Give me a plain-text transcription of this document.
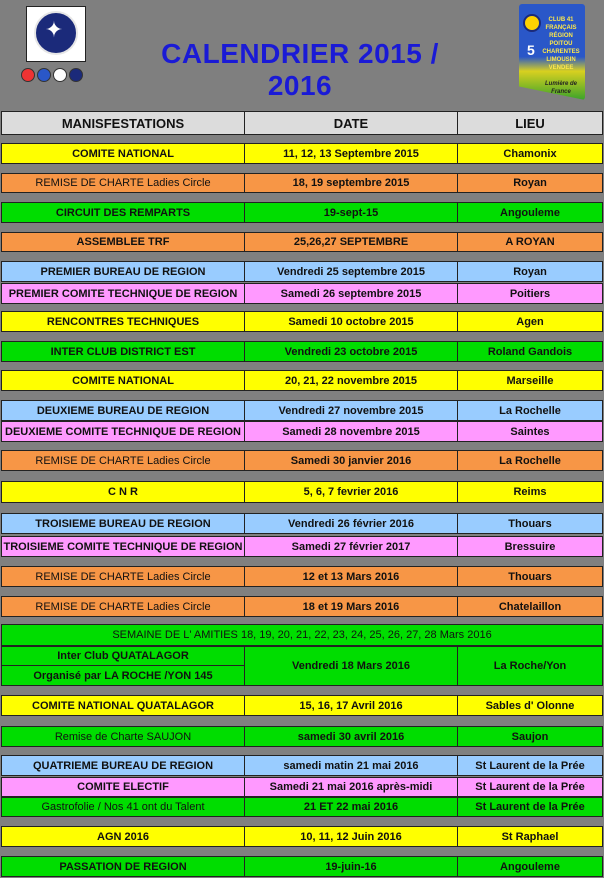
✦
CALENDRIER 2015 / 2016
5
CLUB 41 FRANÇAIS
RÉGION
POITOU
CHARENTES
LIMOUSIN
VENDEE
Lumière de France
MANISFESTATIONS	DATE	LIEU
COMITE NATIONAL	11, 12, 13 Septembre 2015	Chamonix
REMISE DE CHARTE Ladies Circle	18, 19 septembre 2015	Royan
CIRCUIT DES REMPARTS	19-sept-15	Angouleme
ASSEMBLEE TRF	25,26,27 SEPTEMBRE	A ROYAN
PREMIER BUREAU DE REGION	Vendredi 25 septembre 2015	Royan
PREMIER COMITE TECHNIQUE DE REGION	Samedi 26 septembre 2015	Poitiers
RENCONTRES TECHNIQUES	Samedi 10 octobre 2015	Agen
INTER CLUB DISTRICT EST	Vendredi 23 octobre 2015	Roland Gandois
COMITE NATIONAL	20, 21, 22 novembre 2015	Marseille
DEUXIEME BUREAU DE REGION	Vendredi 27 novembre 2015	La Rochelle
DEUXIEME COMITE TECHNIQUE DE REGION	Samedi 28 novembre 2015	Saintes
REMISE DE CHARTE Ladies Circle	Samedi 30 janvier 2016	La Rochelle
C N R	5, 6, 7 fevrier 2016	Reims
TROISIEME BUREAU DE REGION	Vendredi 26 février 2016	Thouars
TROISIEME COMITE TECHNIQUE DE REGION	Samedi 27 février 2017	Bressuire
REMISE DE CHARTE Ladies Circle	12 et 13 Mars 2016	Thouars
REMISE DE CHARTE Ladies Circle	18 et 19 Mars 2016	Chatelaillon
SEMAINE DE L' AMITIES 18, 19, 20, 21, 22, 23, 24, 25, 26, 27, 28 Mars 2016
Inter Club QUATALAGOR
Organisé par LA ROCHE /YON 145
Vendredi 18 Mars 2016	La Roche/Yon
COMITE NATIONAL QUATALAGOR	15, 16, 17 Avril 2016	Sables d' Olonne
Remise de Charte SAUJON	samedi 30 avril 2016	Saujon
QUATRIEME BUREAU DE REGION	samedi matin 21 mai 2016	St Laurent de la Prée
COMITE ELECTIF	Samedi 21 mai 2016 après-midi	St Laurent de la Prée
Gastrofolie / Nos 41 ont du Talent	21 ET 22 mai 2016	St Laurent de la Prée
AGN 2016	10, 11, 12 Juin 2016	St Raphael
PASSATION DE REGION	19-juin-16	Angouleme
